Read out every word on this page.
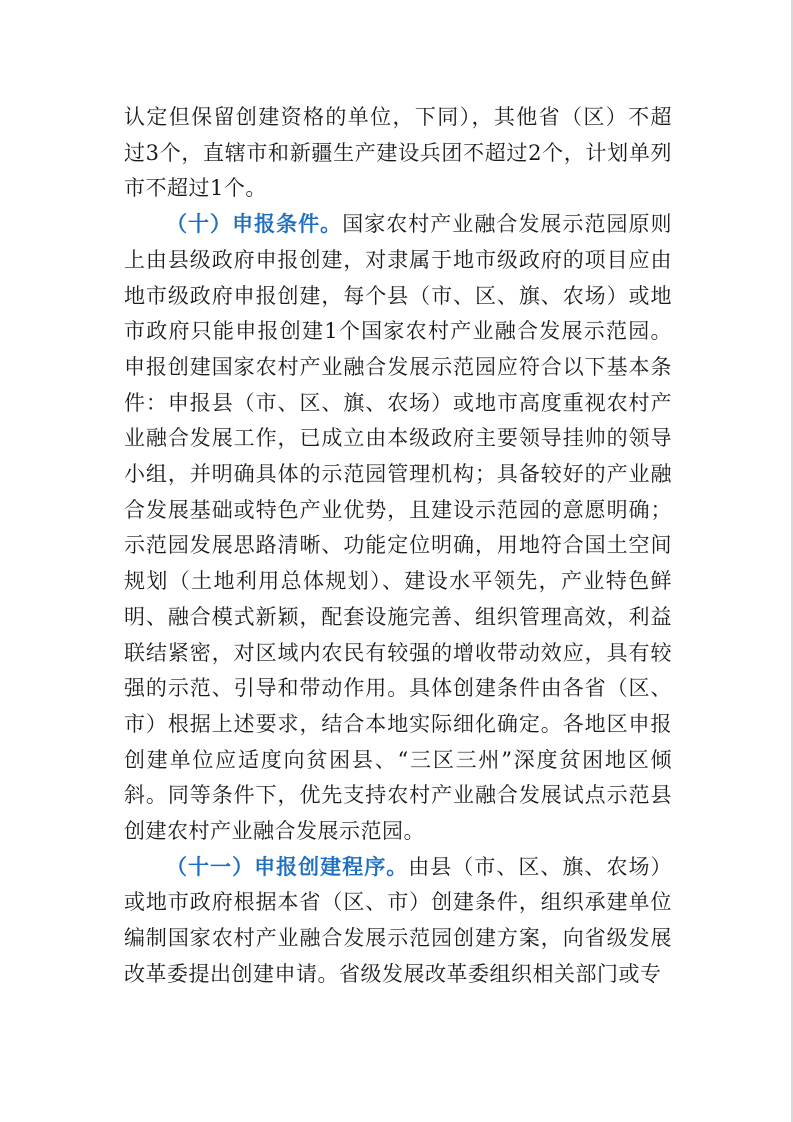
认定但保留创建资格的单位，下同），其他省（区）不超过3个，直辖市和新疆生产建设兵团不超过2个，计划单列市不超过1个。

（十）申报条件。国家农村产业融合发展示范园原则上由县级政府申报创建，对隶属于地市级政府的项目应由地市级政府申报创建，每个县（市、区、旗、农场）或地市政府只能申报创建1个国家农村产业融合发展示范园。申报创建国家农村产业融合发展示范园应符合以下基本条件：申报县（市、区、旗、农场）或地市高度重视农村产业融合发展工作，已成立由本级政府主要领导挂帅的领导小组，并明确具体的示范园管理机构；具备较好的产业融合发展基础或特色产业优势，且建设示范园的意愿明确；示范园发展思路清晰、功能定位明确，用地符合国土空间规划（土地利用总体规划）、建设水平领先，产业特色鲜明、融合模式新颖，配套设施完善、组织管理高效，利益联结紧密，对区域内农民有较强的增收带动效应，具有较强的示范、引导和带动作用。具体创建条件由各省（区、市）根据上述要求，结合本地实际细化确定。各地区申报创建单位应适度向贫困县、“三区三州”深度贫困地区倾斜。同等条件下，优先支持农村产业融合发展试点示范县创建农村产业融合发展示范园。

（十一）申报创建程序。由县（市、区、旗、农场）或地市政府根据本省（区、市）创建条件，组织承建单位编制国家农村产业融合发展示范园创建方案，向省级发展改革委提出创建申请。省级发展改革委组织相关部门或专
